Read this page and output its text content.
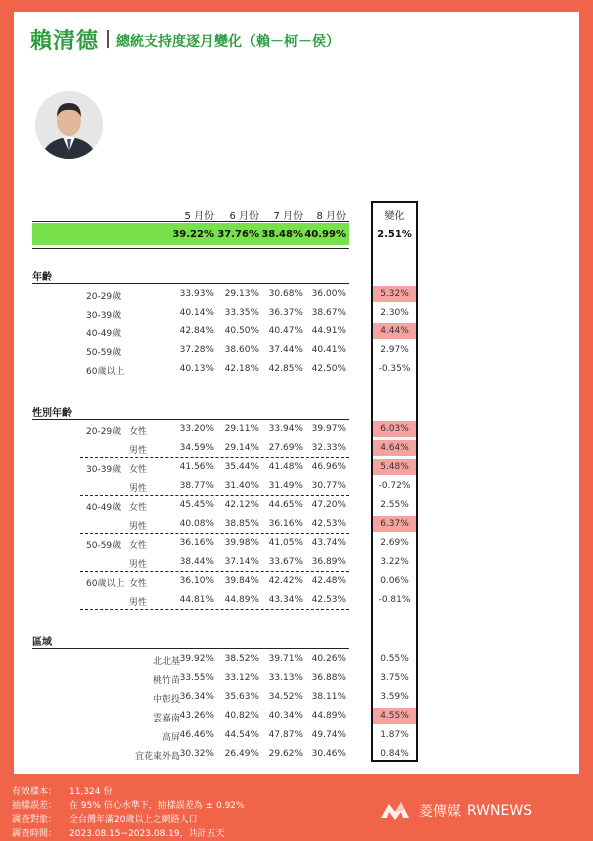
賴清德 總統支持度逐月變化（賴－柯－侯）
5 月份	6 月份	7 月份	8 月份	變化
39.22% 37.76% 38.48% 40.99%	2.51%
年齡
20-29歲	33.93%	29.13%	30.68% 36.00%	5.32%
30-39歲	40.14%	33.35%	36.37% 38.67%	2.30%
40-49歲	42.84%	40.50%	40.47% 44.91%	4.44%
50-59歲	37.28%	38.60%	37.44% 40.41%	2.97%
60歲以上	40.13%	42.18%	42.85% 42.50%	-0.35%
性別年齡
20-29歲 女性	33.20%	29.11%	33.94% 39.97%	6.03%
男性	34.59%	29.14%	27.69% 32.33%	4.64%
30-39歲 女性	41.56%	35.44%	41.48% 46.96%	5.48%
男性	38.77%	31.40%	31.49% 30.77%	-0.72%
40-49歲 女性	45.45%	42.12%	44.65% 47.20%	2.55%
男性	40.08%	38.85%	36.16% 42.53%	6.37%
50-59歲 女性	36.16%	39.98%	41.05% 43.74%	2.69%
男性	38.44%	37.14%	33.67% 36.89%	3.22%
60歲以上 女性	36.10%	39.84%	42.42% 42.48%	0.06%
男性	44.81%	44.89%	43.34% 42.53%	-0.81%
區域
北北基 39.92%	38.52%	39.71% 40.26%	0.55%
桃竹苗 33.55%	33.12%	33.13% 36.88%	3.75%
中彰投 36.34%	35.63%	34.52% 38.11%	3.59%
雲嘉南 43.26%	40.82%	40.34% 44.89%	4.55%
高屏 46.46%	44.54%	47.87% 49.74%	1.87%
宜花東外島 30.32%	26.49%	29.62% 30.46%	0.84%
有效樣本： 11,324 份
抽樣誤差： 在 95% 信心水準下，抽樣誤差為 ± 0.92%
調查對象： 全台灣年滿20歲以上之網路人口
調查時間： 2023.08.15~2023.08.19，共計五天
菱傳媒 RWNEWS
